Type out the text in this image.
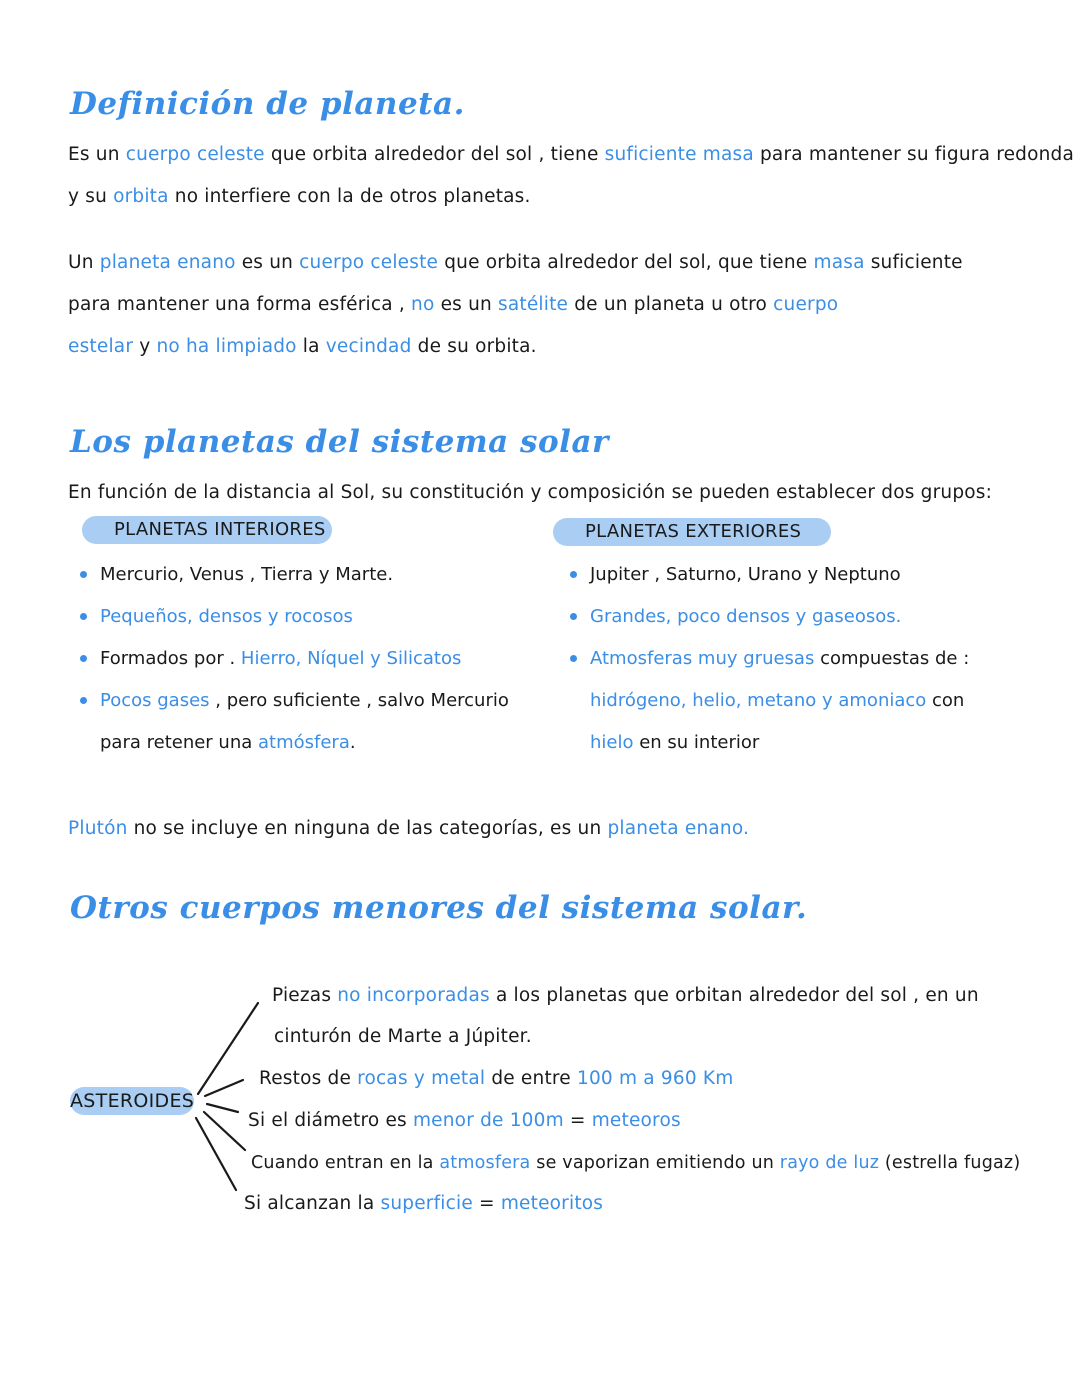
Definición de planeta.

Es un cuerpo celeste que orbita alrededor del sol , tiene suficiente masa para mantener su figura redonda

y su orbita no interfiere con la de otros planetas.

Un planeta enano es un cuerpo celeste que orbita alrededor del sol, que tiene masa suficiente

para mantener una forma esférica , no es un satélite de un planeta u otro cuerpo

estelar y no ha limpiado la vecindad de su orbita.

Los planetas del sistema solar

En función de la distancia al Sol, su constitución y composición se pueden establecer dos grupos:

PLANETAS INTERIORES	PLANETAS EXTERIORES
Mercurio, Venus , Tierra y Marte.
Pequeños, densos y rocosos
Formados por . Hierro, Níquel y Silicatos
Pocos gases , pero suficiente , salvo Mercurio
para retener una atmósfera.
Jupiter , Saturno, Urano y Neptuno
Grandes, poco densos y gaseosos.
Atmosferas muy gruesas compuestas de :
hidrógeno, helio, metano y amoniaco con
hielo en su interior

Plutón no se incluye en ninguna de las categorías, es un planeta enano.

Otros cuerpos menores del sistema solar.
ASTEROIDES

Piezas no incorporadas a los planetas que orbitan alrededor del sol , en un

cinturón de Marte a Júpiter.

Restos de rocas y metal de entre 100 m a 960 Km

Si el diámetro es menor de 100m = meteoros

Cuando entran en la atmosfera se vaporizan emitiendo un rayo de luz (estrella fugaz)

Si alcanzan la superficie = meteoritos
